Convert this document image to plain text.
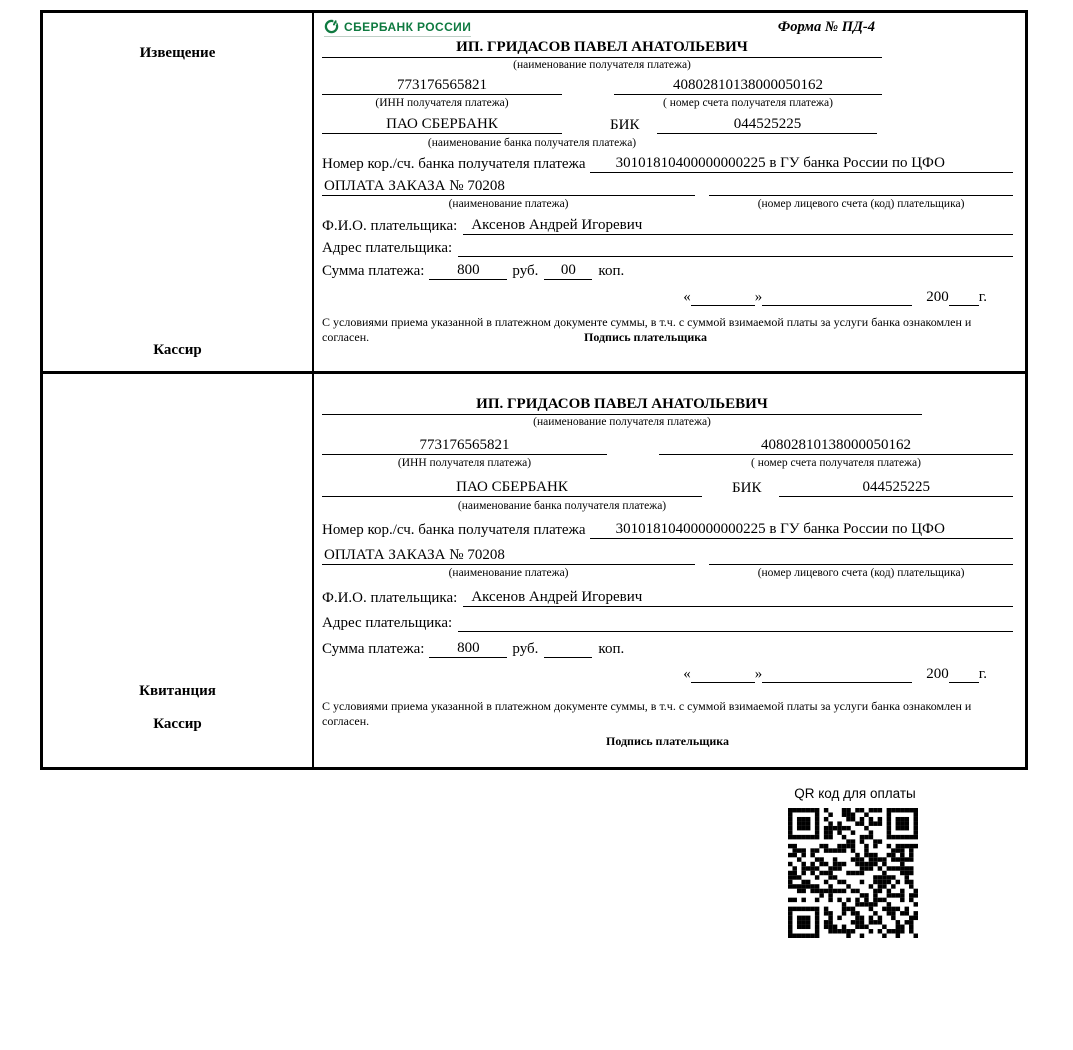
Извещение
Кассир
СБЕРБАНК РОССИИ	Форма № ПД-4
ИП. ГРИДАСОВ ПАВЕЛ АНАТОЛЬЕВИЧ
(наименование получателя платежа)
773176565821	40802810138000050162
(ИНН получателя платежа)	( номер счета получателя платежа)
ПАО СБЕРБАНК	БИК	044525225
(наименование банка получателя платежа)
Номер кор./сч. банка получателя платежа	30101810400000000225 в ГУ банка России по ЦФО
ОПЛАТА ЗАКАЗА № 70208
(наименование платежа)	(номер лицевого счета (код) плательщика)
Ф.И.О. плательщика: Аксенов Андрей Игоревич
Адрес плательщика:
Сумма платежа:	800	руб.	00	коп.
«	»	200 г.
С условиями приема указанной в платежном документе суммы, в т.ч. с суммой взимаемой платы за услуги банка ознакомлен и согласен.	Подпись плательщика
Квитанция
Кассир
ИП. ГРИДАСОВ ПАВЕЛ АНАТОЛЬЕВИЧ
(наименование получателя платежа)
773176565821	40802810138000050162
(ИНН получателя платежа)	( номер счета получателя платежа)
ПАО СБЕРБАНК	БИК	044525225
(наименование банка получателя платежа)
Номер кор./сч. банка получателя платежа	30101810400000000225 в ГУ банка России по ЦФО
ОПЛАТА ЗАКАЗА № 70208
(наименование платежа)	(номер лицевого счета (код) плательщика)
Ф.И.О. плательщика: Аксенов Андрей Игоревич
Адрес плательщика:
Сумма платежа:	800	руб.	коп.
«	»	200 г.
С условиями приема указанной в платежном документе суммы, в т.ч. с суммой взимаемой платы за услуги банка ознакомлен и согласен.
Подпись плательщика
QR код для оплаты
